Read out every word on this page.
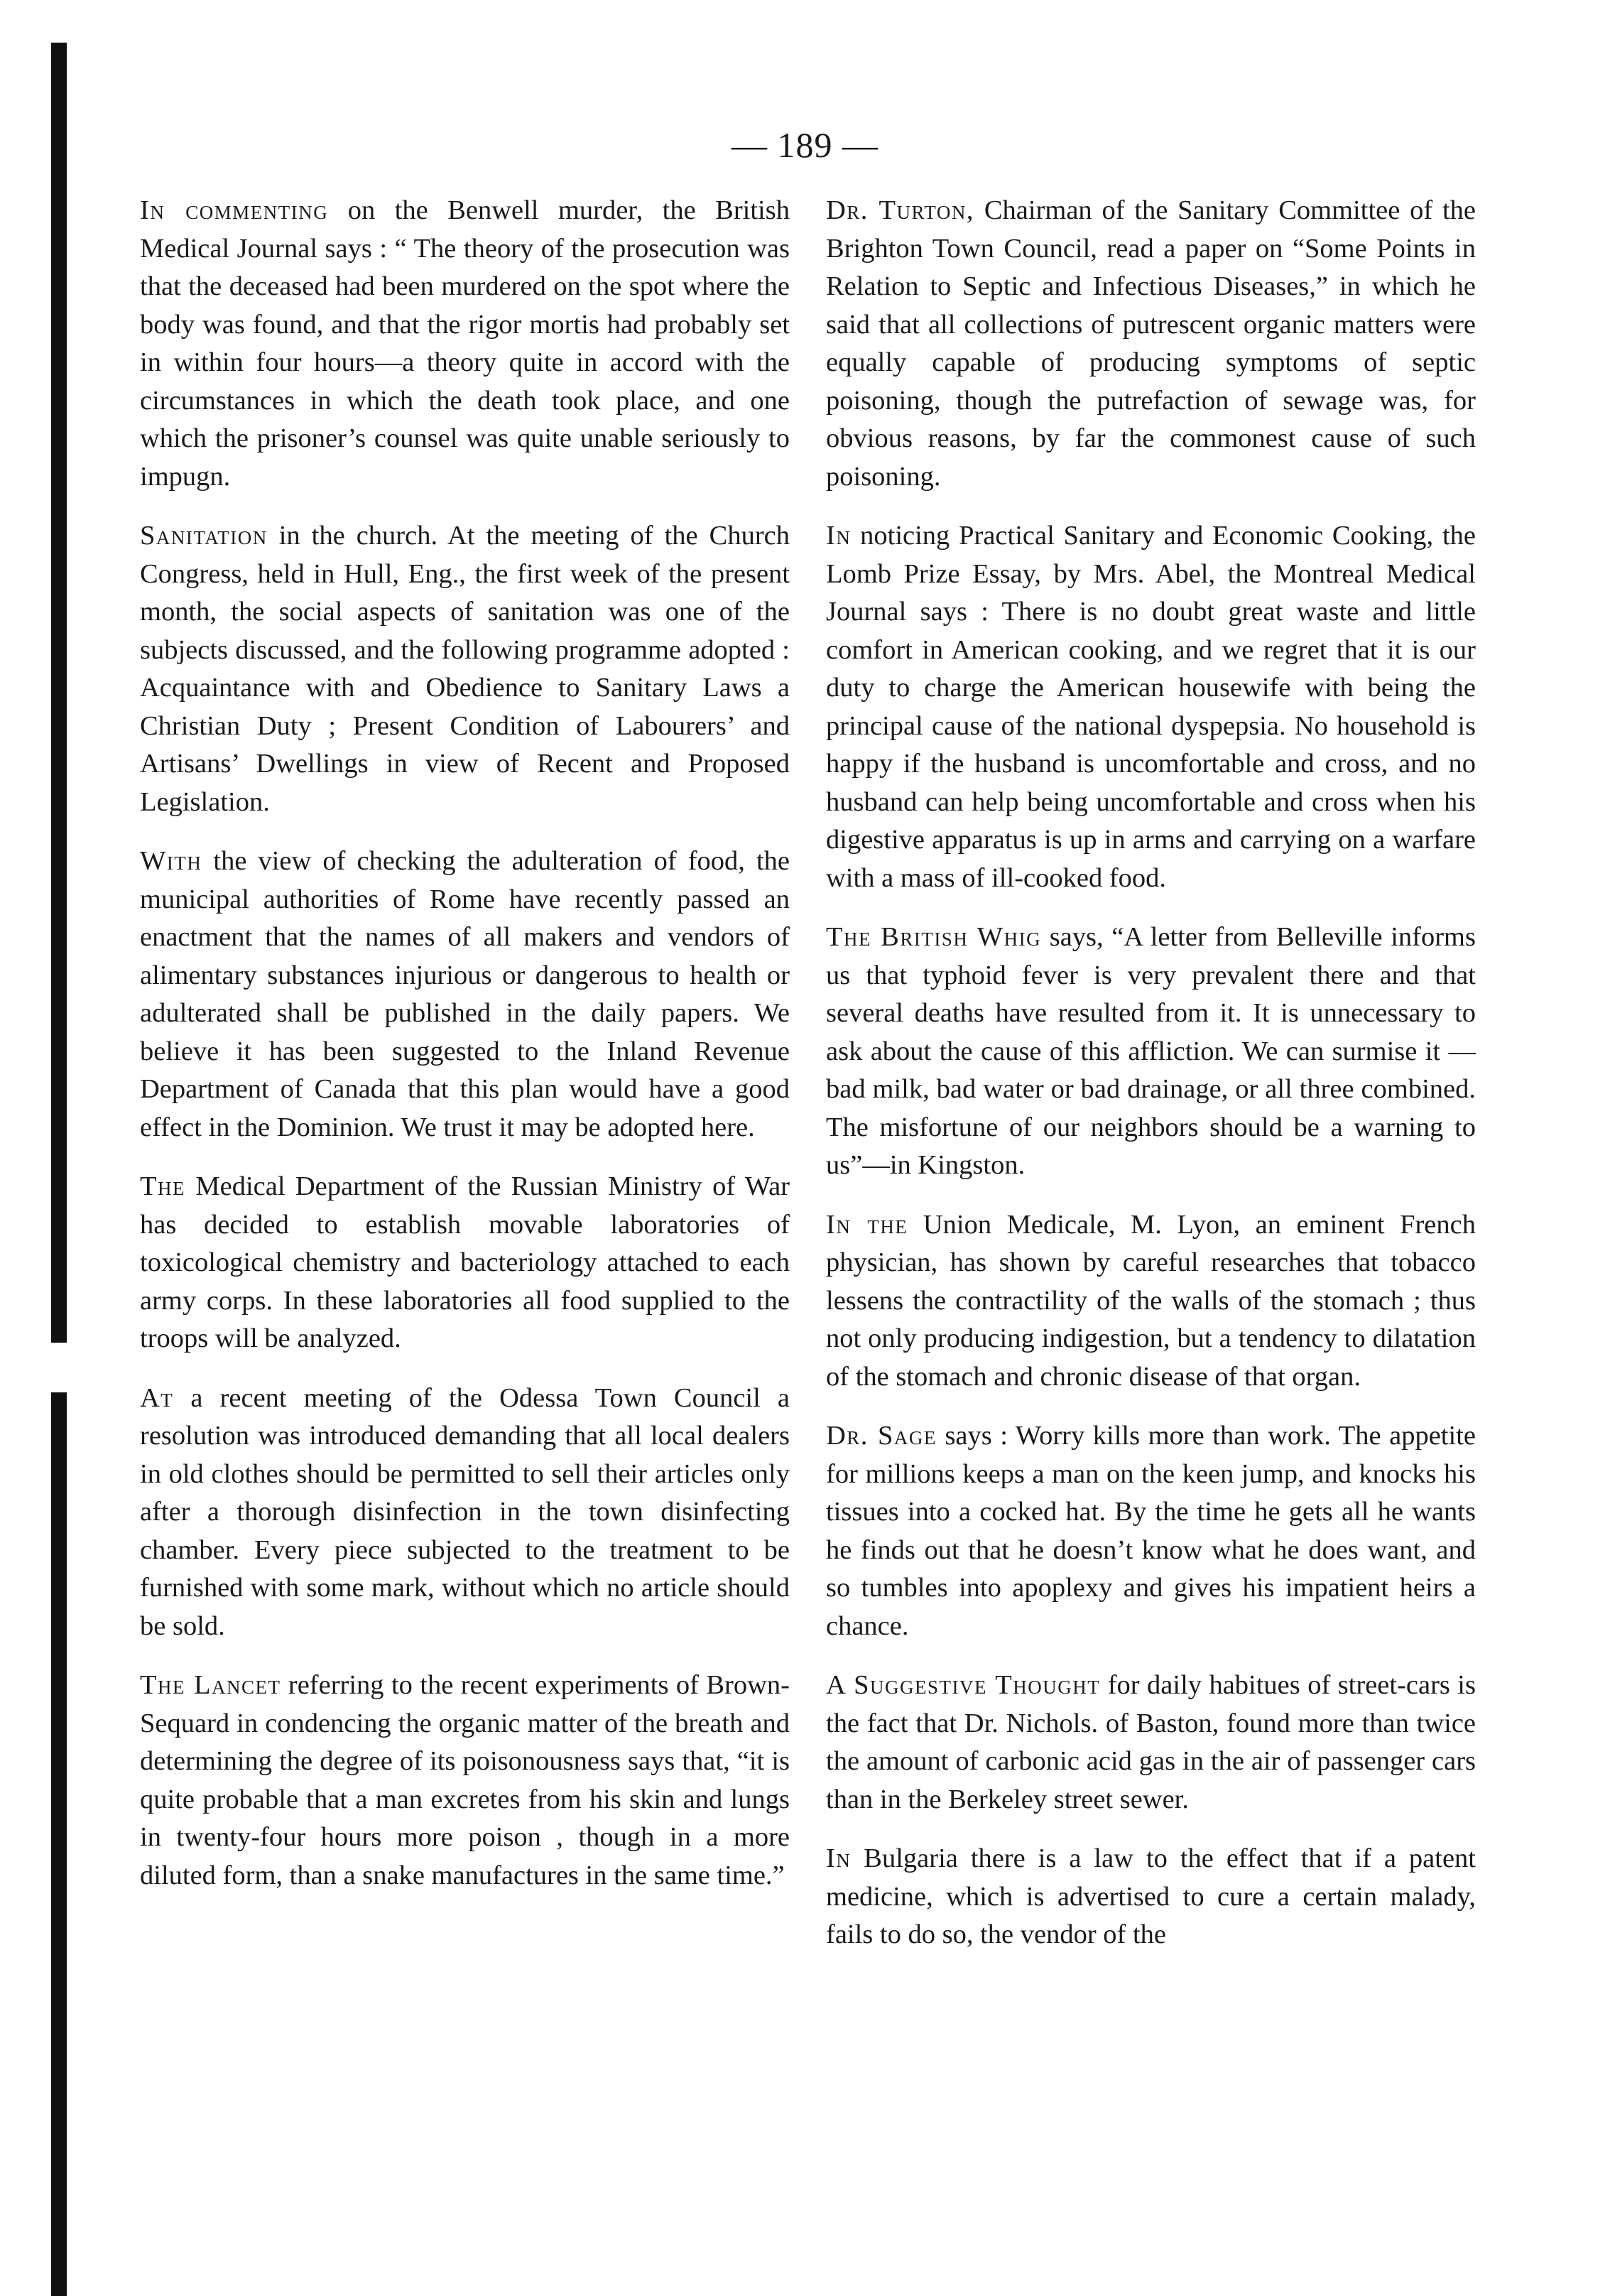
— 189 —

In commenting on the Benwell murder, the British Medical Journal says : “ The theory of the prosecution was that the deceased had been murdered on the spot where the body was found, and that the rigor mortis had probably set in within four hours—a theory quite in accord with the circumstances in which the death took place, and one which the prisoner’s counsel was quite unable seriously to impugn.

Sanitation in the church. At the meeting of the Church Congress, held in Hull, Eng., the first week of the present month, the social aspects of sanitation was one of the subjects discussed, and the following programme adopted : Acquaintance with and Obedience to Sanitary Laws a Christian Duty ; Present Condition of Labourers’ and Artisans’ Dwellings in view of Recent and Proposed Legislation.

With the view of checking the adulteration of food, the municipal authorities of Rome have recently passed an enactment that the names of all makers and vendors of alimentary substances injurious or dangerous to health or adulterated shall be published in the daily papers. We believe it has been suggested to the Inland Revenue Department of Canada that this plan would have a good effect in the Dominion. We trust it may be adopted here.

The Medical Department of the Russian Ministry of War has decided to establish movable laboratories of toxicological chemistry and bacteriology attached to each army corps. In these laboratories all food supplied to the troops will be analyzed.

At a recent meeting of the Odessa Town Council a resolution was introduced demanding that all local dealers in old clothes should be permitted to sell their articles only after a thorough disinfection in the town disinfecting chamber. Every piece subjected to the treatment to be furnished with some mark, without which no article should be sold.

The Lancet referring to the recent experiments of Brown-Sequard in condencing the organic matter of the breath and determining the degree of its poisonousness says that, “it is quite probable that a man excretes from his skin and lungs in twenty-four hours more poison , though in a more diluted form, than a snake manufactures in the same time.”

Dr. Turton, Chairman of the Sanitary Committee of the Brighton Town Council, read a paper on “Some Points in Relation to Septic and Infectious Diseases,” in which he said that all collections of putrescent organic matters were equally capable of producing symptoms of septic poisoning, though the putrefaction of sewage was, for obvious reasons, by far the commonest cause of such poisoning.

In noticing Practical Sanitary and Economic Cooking, the Lomb Prize Essay, by Mrs. Abel, the Montreal Medical Journal says : There is no doubt great waste and little comfort in American cooking, and we regret that it is our duty to charge the American housewife with being the principal cause of the national dyspepsia. No household is happy if the husband is uncomfortable and cross, and no husband can help being uncomfortable and cross when his digestive apparatus is up in arms and carrying on a warfare with a mass of ill-cooked food.

The British Whig says, “A letter from Belleville informs us that typhoid fever is very prevalent there and that several deaths have resulted from it. It is unnecessary to ask about the cause of this affliction. We can surmise it —bad milk, bad water or bad drainage, or all three combined. The misfortune of our neighbors should be a warning to us”—in Kingston.

In the Union Medicale, M. Lyon, an eminent French physician, has shown by careful researches that tobacco lessens the contractility of the walls of the stomach ; thus not only producing indigestion, but a tendency to dilatation of the stomach and chronic disease of that organ.

Dr. Sage says : Worry kills more than work. The appetite for millions keeps a man on the keen jump, and knocks his tissues into a cocked hat. By the time he gets all he wants he finds out that he doesn’t know what he does want, and so tumbles into apoplexy and gives his impatient heirs a chance.

A Suggestive Thought for daily habitues of street-cars is the fact that Dr. Nichols. of Baston, found more than twice the amount of carbonic acid gas in the air of passenger cars than in the Berkeley street sewer.

In Bulgaria there is a law to the effect that if a patent medicine, which is advertised to cure a certain malady, fails to do so, the vendor of the
